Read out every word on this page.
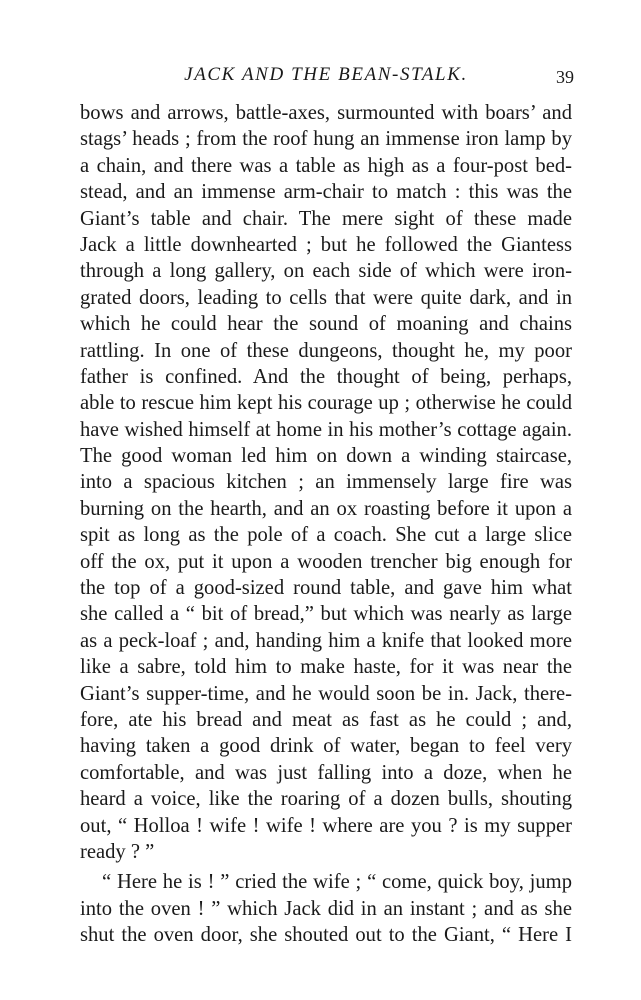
JACK AND THE BEAN-STALK.	39
bows and arrows, battle-axes, surmounted with boars’ and
stags’ heads ; from the roof hung an immense iron lamp by
a chain, and there was a table as high as a four-post bed-
stead, and an immense arm-chair to match : this was the
Giant’s table and chair. The mere sight of these made
Jack a little downhearted ; but he followed the Giantess
through a long gallery, on each side of which were iron-
grated doors, leading to cells that were quite dark, and in
which he could hear the sound of moaning and chains
rattling. In one of these dungeons, thought he, my poor
father is confined. And the thought of being, perhaps,
able to rescue him kept his courage up ; otherwise he could
have wished himself at home in his mother’s cottage again.
The good woman led him on down a winding staircase,
into a spacious kitchen ; an immensely large fire was
burning on the hearth, and an ox roasting before it upon a
spit as long as the pole of a coach. She cut a large slice
off the ox, put it upon a wooden trencher big enough for
the top of a good-sized round table, and gave him what
she called a “ bit of bread,” but which was nearly as large
as a peck-loaf ; and, handing him a knife that looked more
like a sabre, told him to make haste, for it was near the
Giant’s supper-time, and he would soon be in. Jack, there-
fore, ate his bread and meat as fast as he could ; and,
having taken a good drink of water, began to feel very
comfortable, and was just falling into a doze, when he
heard a voice, like the roaring of a dozen bulls, shouting
out, “ Holloa ! wife ! wife ! where are you ? is my supper
ready ? ”
“ Here he is ! ” cried the wife ; “ come, quick boy, jump
into the oven ! ” which Jack did in an instant ; and as she
shut the oven door, she shouted out to the Giant, “ Here I
